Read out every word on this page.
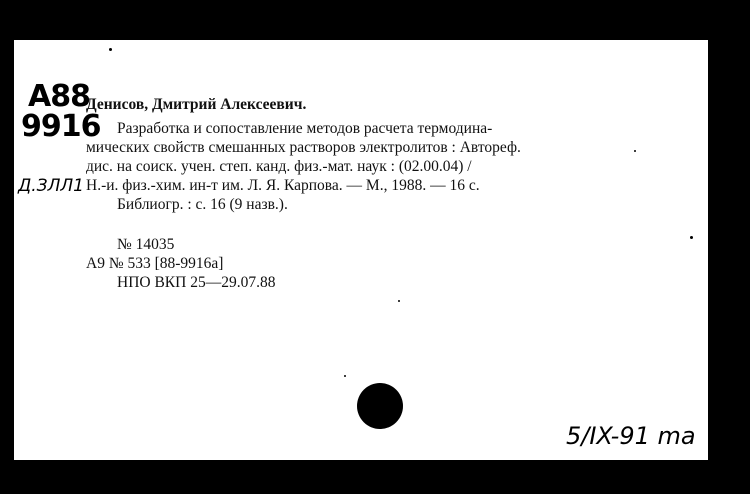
A88
9916
Д.ЗЛЛ1
Денисов, Дмитрий Алексеевич.
Разработка и сопоставление методов расчета термодина-
мических свойств смешанных растворов электролитов : Автореф.
дис. на соиск. учен. степ. канд. физ.-мат. наук : (02.00.04) /
Н.-и. физ.-хим. ин-т им. Л. Я. Карпова. — М., 1988. — 16 с.
Библиогр. : с. 16 (9 назв.).
№ 14035
А9 № 533 [88-9916а]
НПО ВКП 25—29.07.88
5/IX-91 ma
